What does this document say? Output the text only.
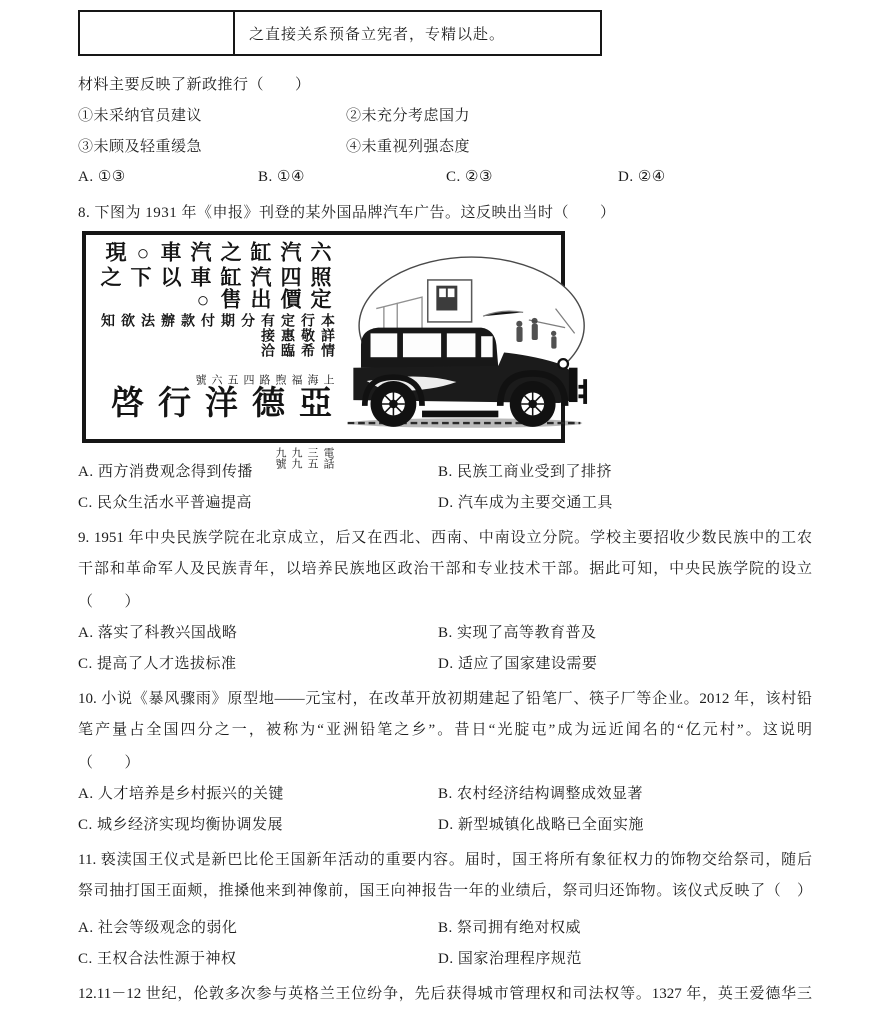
之直接关系预备立宪者，专精以赴。
材料主要反映了新政推行（　　）
①未采纳官员建议	②未充分考虑国力
③未顾及轻重缓急	④未重视列强态度
A. ①③	B. ①④	C. ②③	D. ②④
8. 下图为 1931 年《申报》刊登的某外国品牌汽车广告。这反映出当时（　　）
六汽缸之汽車○現
照四汽缸車以下之
定價出售○
本行定有分期付款辦法欲知
詳情敬希　惠臨接洽
上海福煦路四五六號
亞德洋行啓
電話　三五九九九號
A. 西方消费观念得到传播	B. 民族工商业受到了排挤
C. 民众生活水平普遍提高	D. 汽车成为主要交通工具
9. 1951 年中央民族学院在北京成立，后又在西北、西南、中南设立分院。学校主要招收少数民族中的工农
干部和革命军人及民族青年，以培养民族地区政治干部和专业技术干部。据此可知，中央民族学院的设立
（　　）
A. 落实了科教兴国战略	B. 实现了高等教育普及
C. 提高了人才选拔标准	D. 适应了国家建设需要
10. 小说《暴风骤雨》原型地——元宝村，在改革开放初期建起了铅笔厂、筷子厂等企业。2012 年，该村铅
笔产量占全国四分之一，被称为“亚洲铅笔之乡”。昔日“光腚屯”成为远近闻名的“亿元村”。这说明
（　　）
A. 人才培养是乡村振兴的关键	B. 农村经济结构调整成效显著
C. 城乡经济实现均衡协调发展	D. 新型城镇化战略已全面实施
11. 亵渎国王仪式是新巴比伦王国新年活动的重要内容。届时，国王将所有象征权力的饰物交给祭司，随后
祭司抽打国王面颊，推搡他来到神像前，国王向神报告一年的业绩后，祭司归还饰物。该仪式反映了（　）
A. 社会等级观念的弱化	B. 祭司拥有绝对权威
C. 王权合法性源于神权	D. 国家治理程序规范
12.11－12 世纪，伦敦多次参与英格兰王位纷争，先后获得城市管理权和司法权等。1327 年，英王爱德华三
